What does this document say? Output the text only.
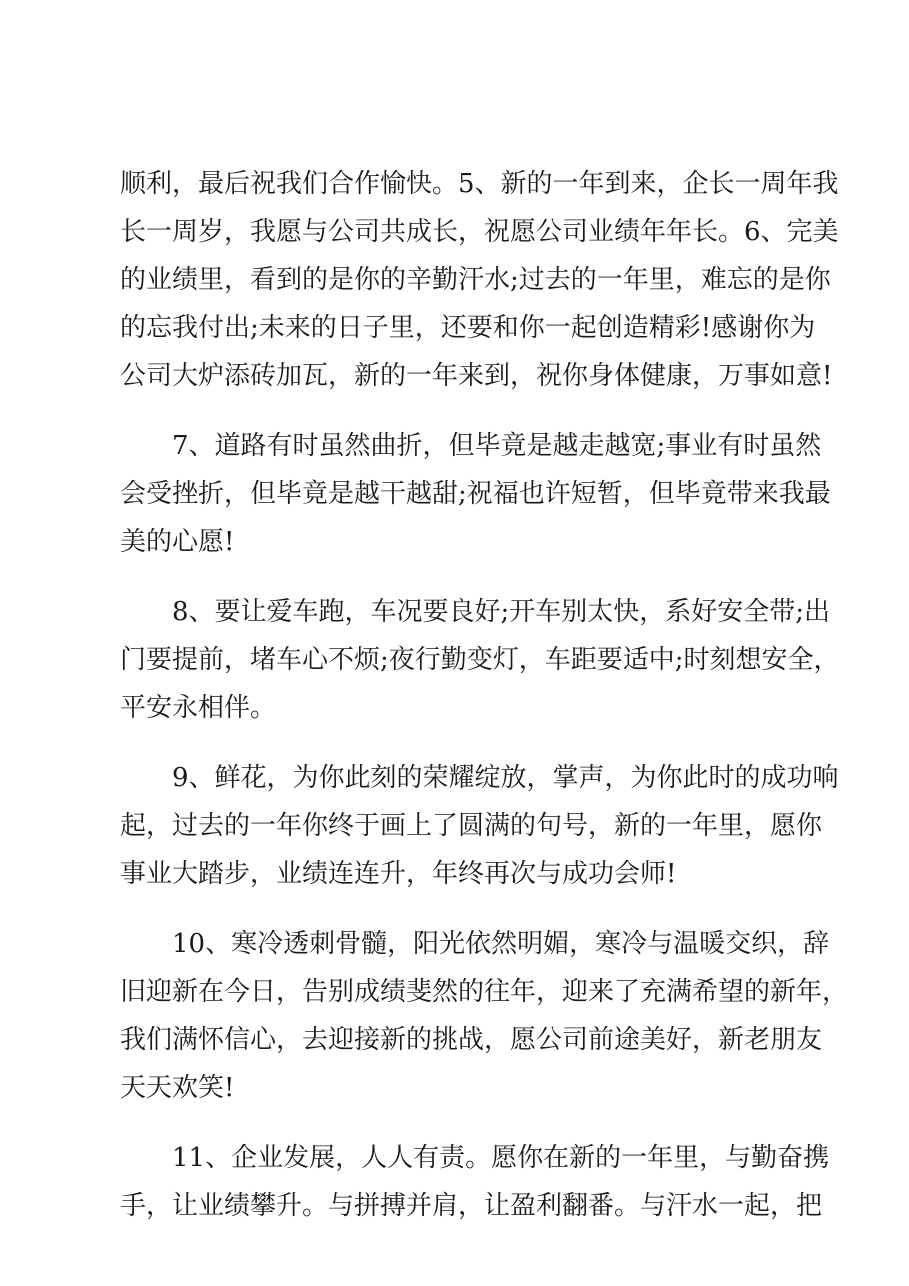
顺利，最后祝我们合作愉快。5、新的一年到来，企长一周年我
长一周岁，我愿与公司共成长，祝愿公司业绩年年长。6、完美
的业绩里，看到的是你的辛勤汗水;过去的一年里，难忘的是你
的忘我付出;未来的日子里，还要和你一起创造精彩!感谢你为
公司大炉添砖加瓦，新的一年来到，祝你身体健康，万事如意!
7、道路有时虽然曲折，但毕竟是越走越宽;事业有时虽然
会受挫折，但毕竟是越干越甜;祝福也许短暂，但毕竟带来我最
美的心愿!
8、要让爱车跑，车况要良好;开车别太快，系好安全带;出
门要提前，堵车心不烦;夜行勤变灯，车距要适中;时刻想安全，
平安永相伴。
9、鲜花，为你此刻的荣耀绽放，掌声，为你此时的成功响
起，过去的一年你终于画上了圆满的句号，新的一年里，愿你
事业大踏步，业绩连连升，年终再次与成功会师!
10、寒冷透刺骨髓，阳光依然明媚，寒冷与温暖交织，辞
旧迎新在今日，告别成绩斐然的往年，迎来了充满希望的新年，
我们满怀信心，去迎接新的挑战，愿公司前途美好，新老朋友
天天欢笑!
11、企业发展，人人有责。愿你在新的一年里，与勤奋携
手，让业绩攀升。与拼搏并肩，让盈利翻番。与汗水一起，把
